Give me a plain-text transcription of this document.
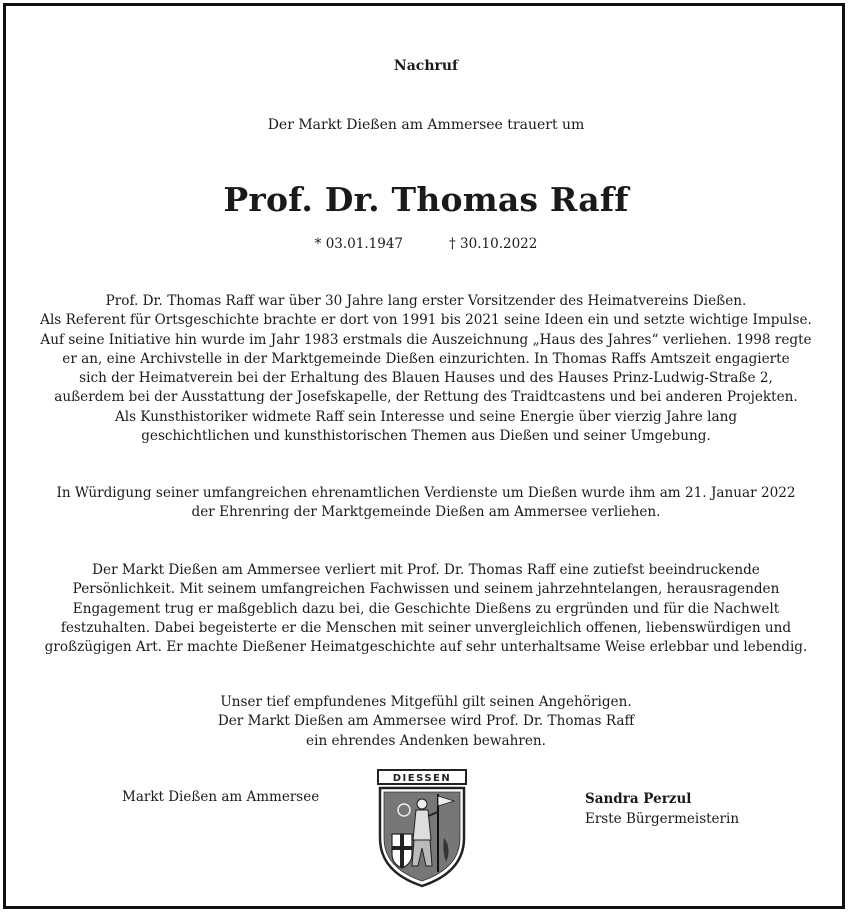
Nachruf
Der Markt Dießen am Ammersee trauert um
Prof. Dr. Thomas Raff
* 03.01.1947	† 30.10.2022
Prof. Dr. Thomas Raff war über 30 Jahre lang erster Vorsitzender des Heimatvereins Dießen.
Als Referent für Ortsgeschichte brachte er dort von 1991 bis 2021 seine Ideen ein und setzte wichtige Impulse.
Auf seine Initiative hin wurde im Jahr 1983 erstmals die Auszeichnung „Haus des Jahres“ verliehen. 1998 regte
er an, eine Archivstelle in der Marktgemeinde Dießen einzurichten. In Thomas Raffs Amtszeit engagierte
sich der Heimatverein bei der Erhaltung des Blauen Hauses und des Hauses Prinz-Ludwig-Straße 2,
außerdem bei der Ausstattung der Josefskapelle, der Rettung des Traidtcastens und bei anderen Projekten.
Als Kunsthistoriker widmete Raff sein Interesse und seine Energie über vierzig Jahre lang
geschichtlichen und kunsthistorischen Themen aus Dießen und seiner Umgebung.
In Würdigung seiner umfangreichen ehrenamtlichen Verdienste um Dießen wurde ihm am 21. Januar 2022
der Ehrenring der Marktgemeinde Dießen am Ammersee verliehen.
Der Markt Dießen am Ammersee verliert mit Prof. Dr. Thomas Raff eine zutiefst beeindruckende
Persönlichkeit. Mit seinem umfangreichen Fachwissen und seinem jahrzehntelangen, herausragenden
Engagement trug er maßgeblich dazu bei, die Geschichte Dießens zu ergründen und für die Nachwelt
festzuhalten. Dabei begeisterte er die Menschen mit seiner unvergleichlich offenen, liebenswürdigen und
großzügigen Art. Er machte Dießener Heimatgeschichte auf sehr unterhaltsame Weise erlebbar und lebendig.
Unser tief empfundenes Mitgefühl gilt seinen Angehörigen.
Der Markt Dießen am Ammersee wird Prof. Dr. Thomas Raff
ein ehrendes Andenken bewahren.
Markt Dießen am Ammersee
DIESSEN
Sandra Perzul
Erste Bürgermeisterin
